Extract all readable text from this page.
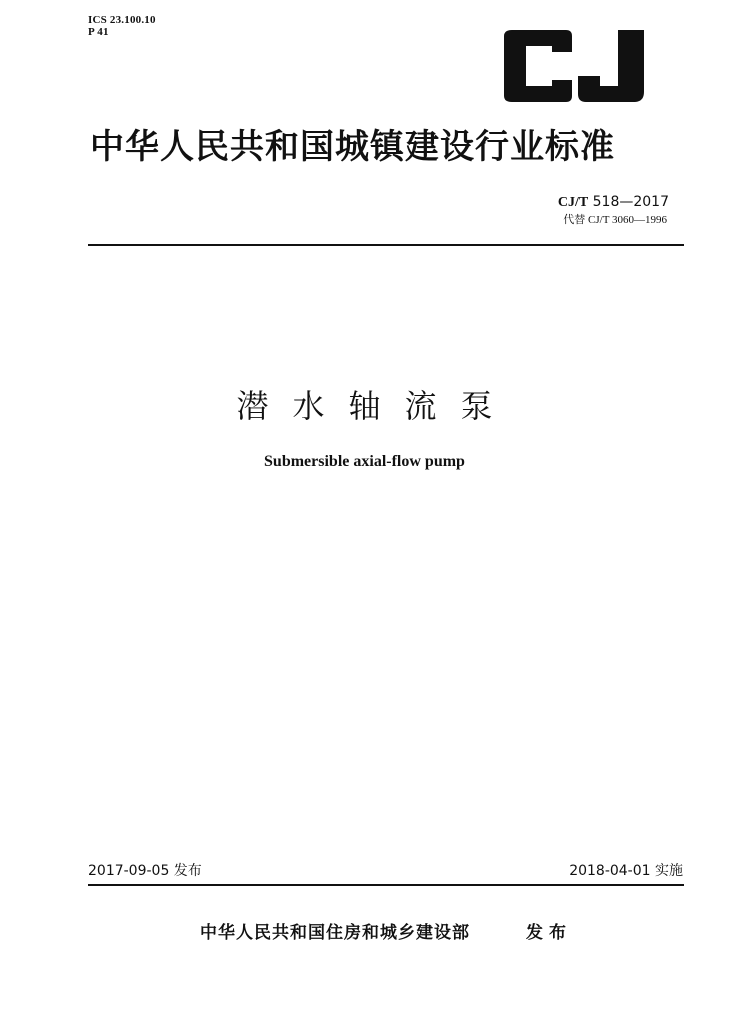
ICS 23.100.10
P 41
中华人民共和国城镇建设行业标准
CJ/T 518—2017
代替 CJ/T 3060—1996
潜水轴流泵
Submersible axial-flow pump
2017-09-05 发布	2018-04-01 实施
中华人民共和国住房和城乡建设部	发布
